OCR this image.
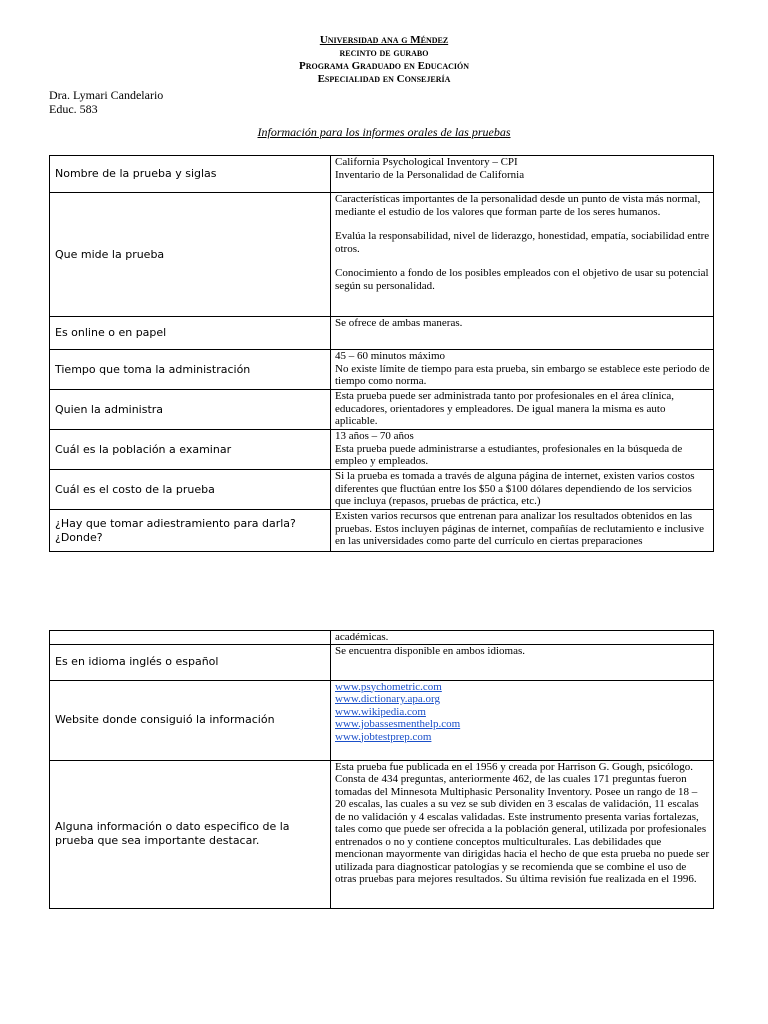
Universidad ana g Méndez
recinto de gurabo
Programa Graduado en Educación
Especialidad en Consejería
Dra. Lymari Candelario
Educ. 583
Información para los informes orales de las pruebas
Nombre de la prueba y siglas	California Psychological Inventory – CPI

Inventario de la Personalidad de California

Que mide la prueba	Características importantes de la personalidad desde un punto de vista más normal, mediante el estudio de los valores que forman parte de los seres humanos.

Evalúa la responsabilidad, nivel de liderazgo, honestidad, empatía, sociabilidad entre otros.

Conocimiento a fondo de los posibles empleados con el objetivo de usar su potencial según su personalidad.

Es online o en papel	Se ofrece de ambas maneras.

Tiempo que toma la administración	45 – 60 minutos máximo

No existe límite de tiempo para esta prueba, sin embargo se establece este periodo de tiempo como norma.

Quien la administra	Esta prueba puede ser administrada tanto por profesionales en el área clínica, educadores, orientadores y empleadores. De igual manera la misma es auto aplicable.

Cuál es la población a examinar	13 años – 70 años

Esta prueba puede administrarse a estudiantes, profesionales en la búsqueda de empleo y empleados.

Cuál es el costo de la prueba	Si la prueba es tomada a través de alguna página de internet, existen varios costos diferentes que fluctúan entre los $50 a $100 dólares dependiendo de los servicios que incluya (repasos, pruebas de práctica, etc.)

¿Hay que tomar adiestramiento para darla? ¿Donde?	Existen varios recursos que entrenan para analizar los resultados obtenidos en las pruebas. Estos incluyen páginas de internet, compañías de reclutamiento e inclusive en las universidades como parte del currículo en ciertas preparaciones

	académicas.

Es en idioma inglés o español	Se encuentra disponible en ambos idiomas.

Website donde consiguió la información	www.psychometric.com
www.dictionary.apa.org
www.wikipedia.com
www.jobassesmenthelp.com
www.jobtestprep.com

Alguna información o dato especifico de la prueba que sea importante destacar.	Esta prueba fue publicada en el 1956 y creada por Harrison G. Gough, psicólogo. Consta de 434 preguntas, anteriormente 462, de las cuales 171 preguntas fueron tomadas del Minnesota Multiphasic Personality Inventory. Posee un rango de 18 – 20 escalas, las cuales a su vez se sub dividen en 3 escalas de validación, 11 escalas de no validación y 4 escalas validadas. Este instrumento presenta varias fortalezas, tales como que puede ser ofrecida a la población general, utilizada por profesionales entrenados o no y contiene conceptos multiculturales. Las debilidades que mencionan mayormente van dirigidas hacia el hecho de que esta prueba no puede ser utilizada para diagnosticar patologías y se recomienda que se combine el uso de otras pruebas para mejores resultados. Su última revisión fue realizada en el 1996.
